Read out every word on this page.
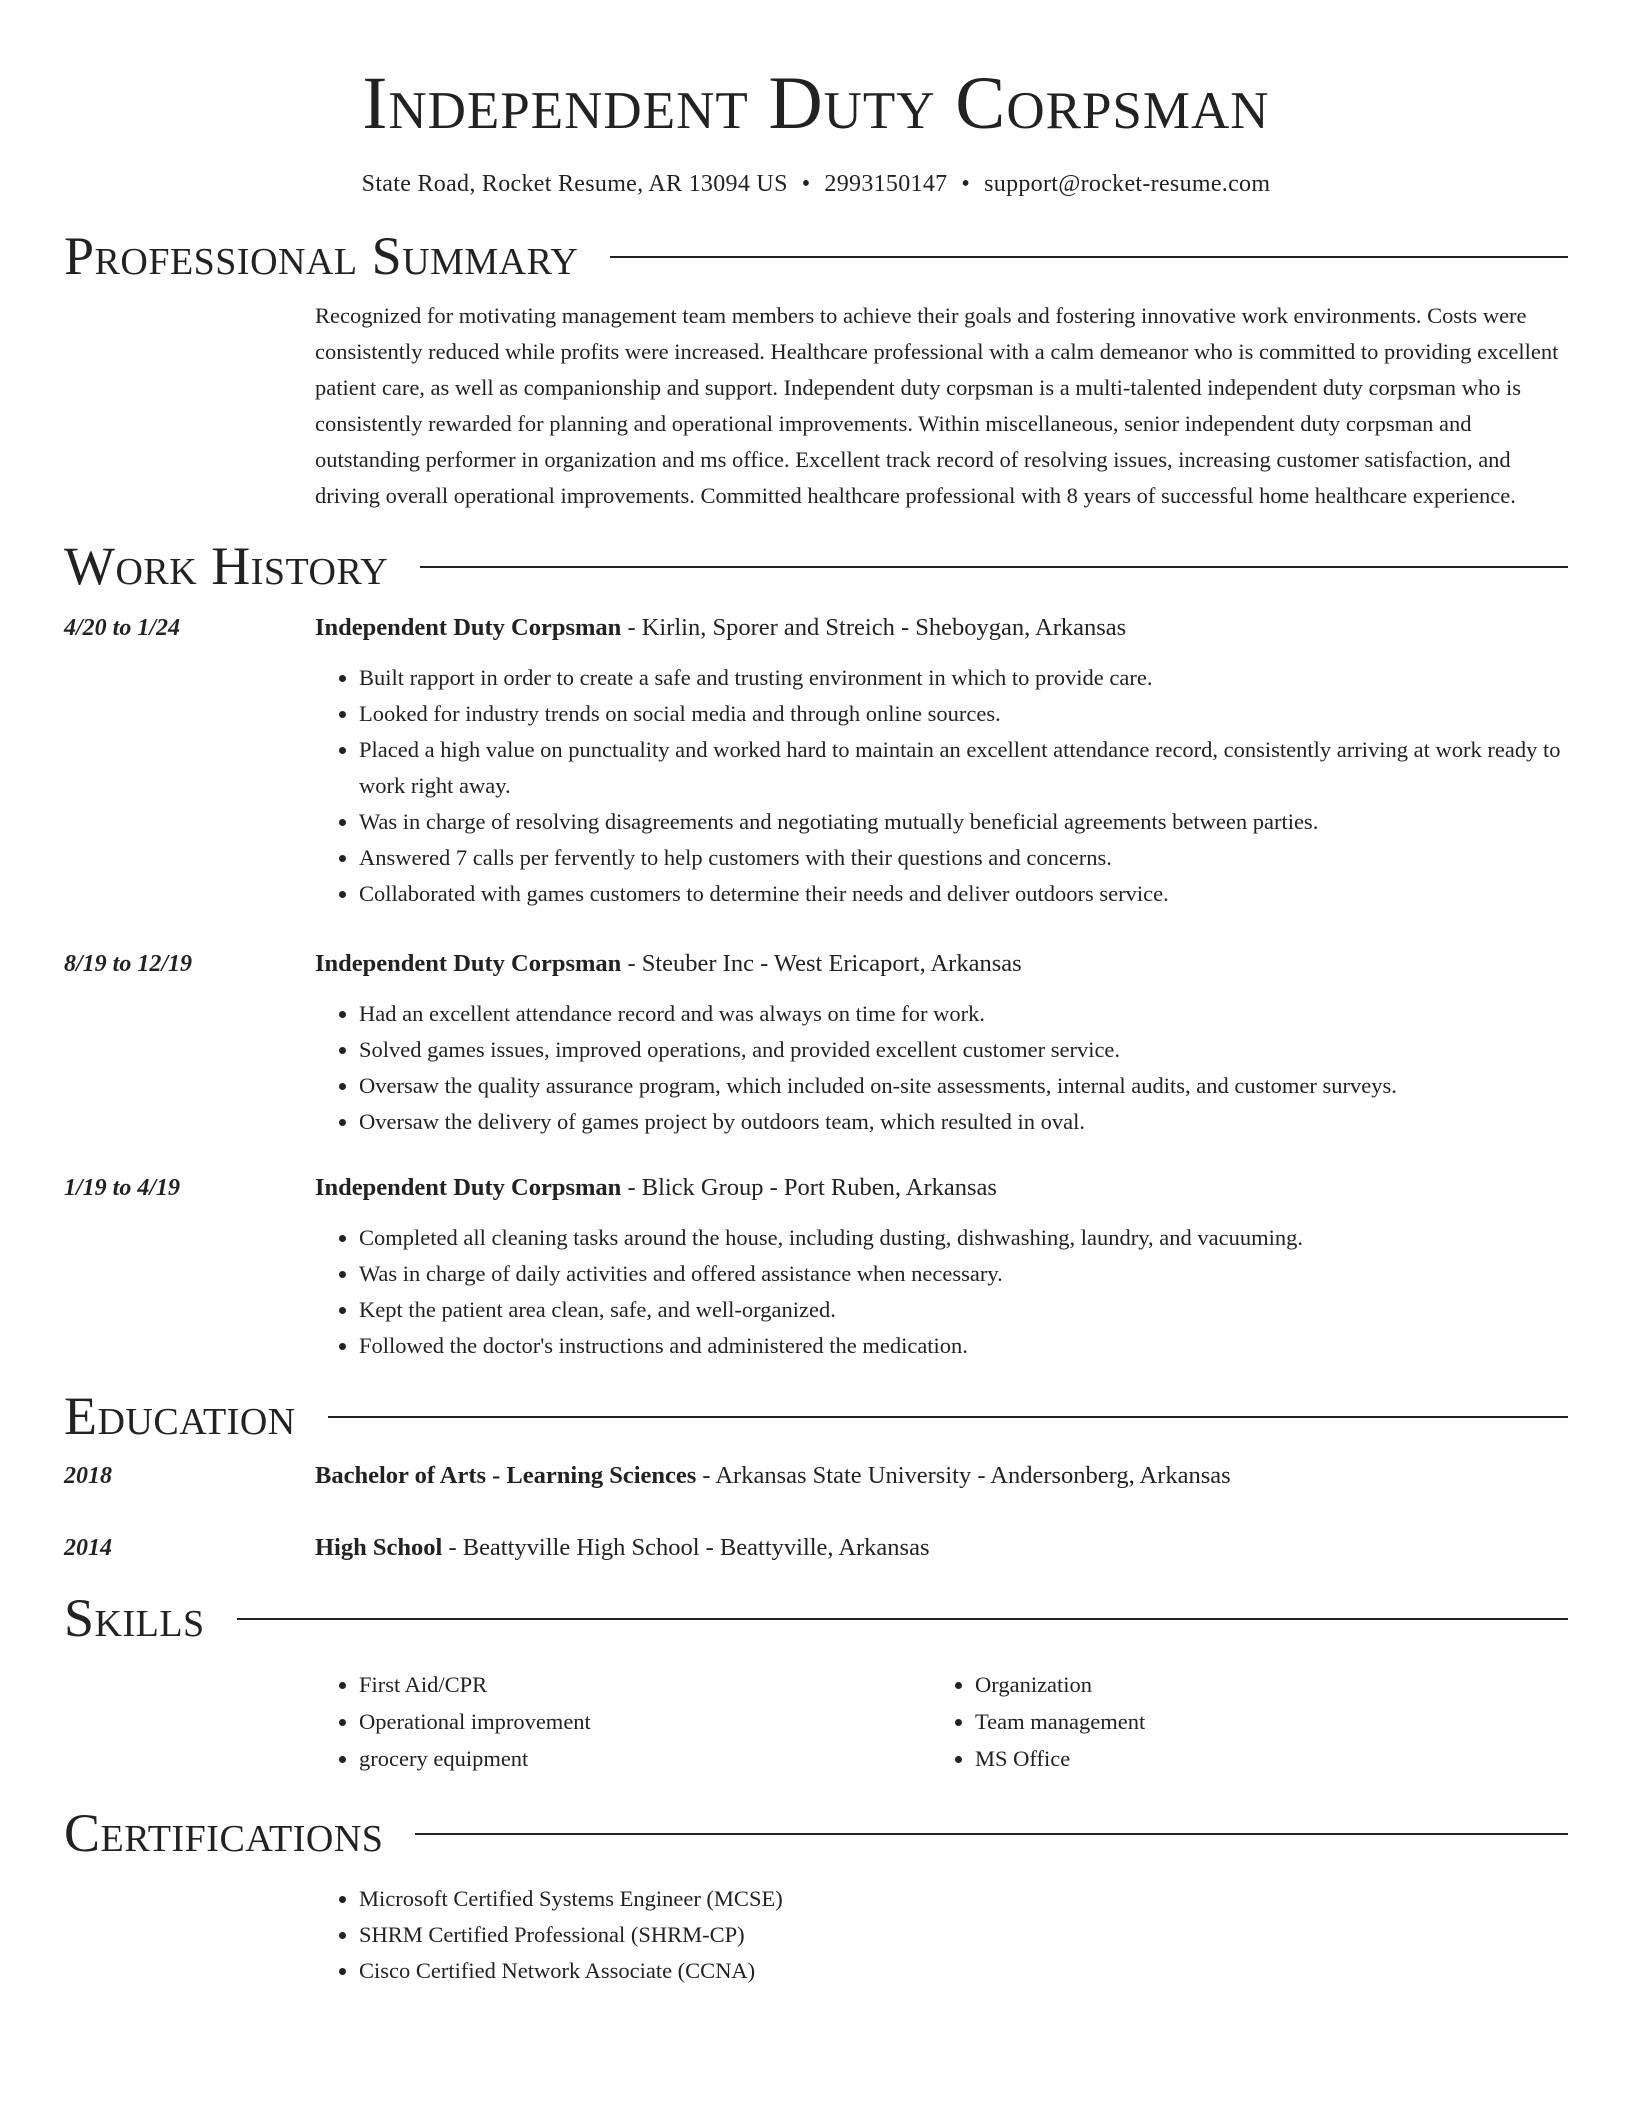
Independent Duty Corpsman
State Road, Rocket Resume, AR 13094 US • 2993150147 • support@rocket-resume.com
Professional Summary
Recognized for motivating management team members to achieve their goals and fostering innovative work environments. Costs were consistently reduced while profits were increased. Healthcare professional with a calm demeanor who is committed to providing excellent patient care, as well as companionship and support. Independent duty corpsman is a multi-talented independent duty corpsman who is consistently rewarded for planning and operational improvements. Within miscellaneous, senior independent duty corpsman and outstanding performer in organization and ms office. Excellent track record of resolving issues, increasing customer satisfaction, and driving overall operational improvements. Committed healthcare professional with 8 years of successful home healthcare experience.
Work History
4/20 to 1/24	Independent Duty Corpsman - Kirlin, Sporer and Streich - Sheboygan, Arkansas
• Built rapport in order to create a safe and trusting environment in which to provide care.
• Looked for industry trends on social media and through online sources.
• Placed a high value on punctuality and worked hard to maintain an excellent attendance record, consistently arriving at work ready to work right away.
• Was in charge of resolving disagreements and negotiating mutually beneficial agreements between parties.
• Answered 7 calls per fervently to help customers with their questions and concerns.
• Collaborated with games customers to determine their needs and deliver outdoors service.
8/19 to 12/19	Independent Duty Corpsman - Steuber Inc - West Ericaport, Arkansas
• Had an excellent attendance record and was always on time for work.
• Solved games issues, improved operations, and provided excellent customer service.
• Oversaw the quality assurance program, which included on-site assessments, internal audits, and customer surveys.
• Oversaw the delivery of games project by outdoors team, which resulted in oval.
1/19 to 4/19	Independent Duty Corpsman - Blick Group - Port Ruben, Arkansas
• Completed all cleaning tasks around the house, including dusting, dishwashing, laundry, and vacuuming.
• Was in charge of daily activities and offered assistance when necessary.
• Kept the patient area clean, safe, and well-organized.
• Followed the doctor's instructions and administered the medication.
Education
2018	Bachelor of Arts - Learning Sciences - Arkansas State University - Andersonberg, Arkansas
2014	High School - Beattyville High School - Beattyville, Arkansas
Skills
• First Aid/CPR
• Operational improvement
• grocery equipment
• Organization
• Team management
• MS Office
Certifications
• Microsoft Certified Systems Engineer (MCSE)
• SHRM Certified Professional (SHRM-CP)
• Cisco Certified Network Associate (CCNA)
